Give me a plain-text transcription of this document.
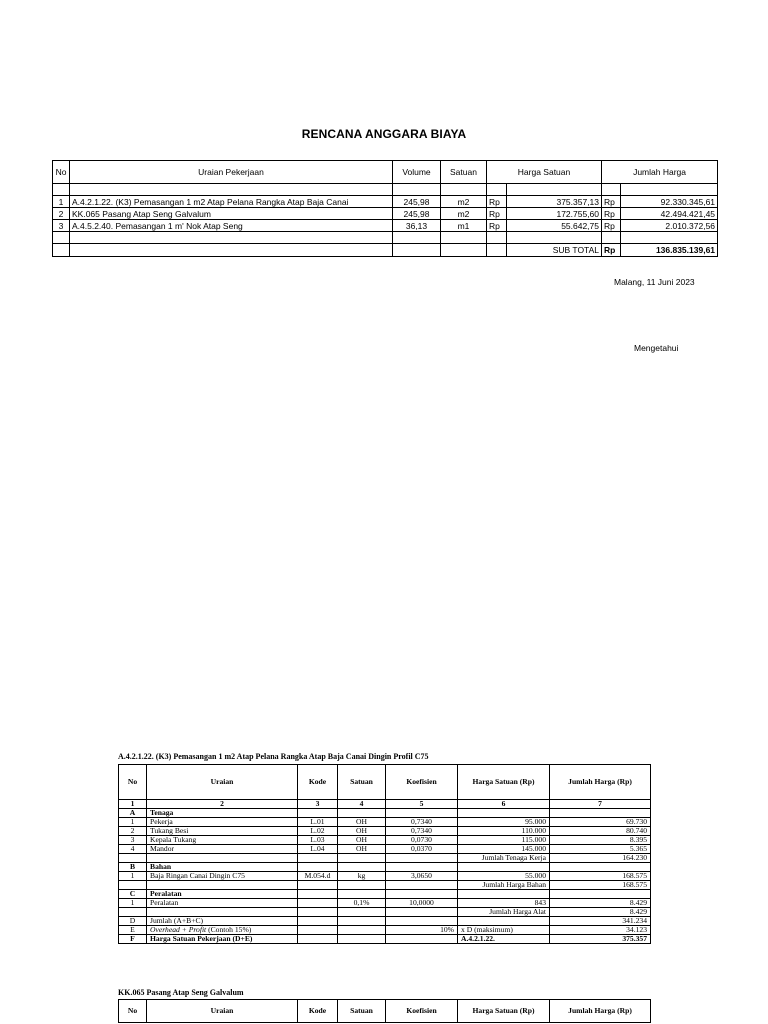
RENCANA ANGGARA BIAYA
No	Uraian Pekerjaan	Volume	Satuan	Harga Satuan		Jumlah Harga	

1	A.4.2.1.22. (K3) Pemasangan 1 m2 Atap Pelana Rangka Atap Baja Canai	245,98	m2	Rp	375.357,13	Rp	92.330.345,61
2	KK.065 Pasang Atap Seng Galvalum	245,98	m2	Rp	172.755,60	Rp	42.494.421,45
3	A.4.5.2.40. Pemasangan 1 m' Nok Atap Seng	36,13	m1	Rp	55.642,75	Rp	2.010.372,56

					SUB TOTAL	Rp	136.835.139,61
Malang, 11 Juni 2023
Mengetahui
A.4.2.1.22. (K3) Pemasangan 1 m2 Atap Pelana Rangka Atap Baja Canai Dingin Profil C75
No	Uraian	Kode	Satuan	Koefisien	Harga Satuan (Rp)	Jumlah Harga (Rp)
1	2	3	4	5	6	7
A	Tenaga					
1	Pekerja	L.01	OH	0,7340	95.000	69.730
2	Tukang Besi	L.02	OH	0,7340	110.000	80.740
3	Kepala Tukang	L.03	OH	0,0730	115.000	8.395
4	Mandor	L.04	OH	0,0370	145.000	5.365
					Jumlah Tenaga Kerja	164.230
B	Bahan					
1	Baja Ringan Canai Dingin C75	M.054.d	kg	3,0650	55.000	168.575
					Jumlah Harga Bahan	168.575
C	Peralatan					
1	Peralatan		0,1%	10,0000	843	8.429
					Jumlah Harga Alat	8.429
D	Jumlah (A+B+C)					341.234
E	Overhead + Profit (Contoh 15%)			10%	x D (maksimum)	34.123
F	Harga Satuan Pekerjaan (D+E)				A.4.2.1.22.	375.357
KK.065 Pasang Atap Seng Galvalum
No	Uraian	Kode	Satuan	Koefisien	Harga Satuan (Rp)	Jumlah Harga (Rp)
